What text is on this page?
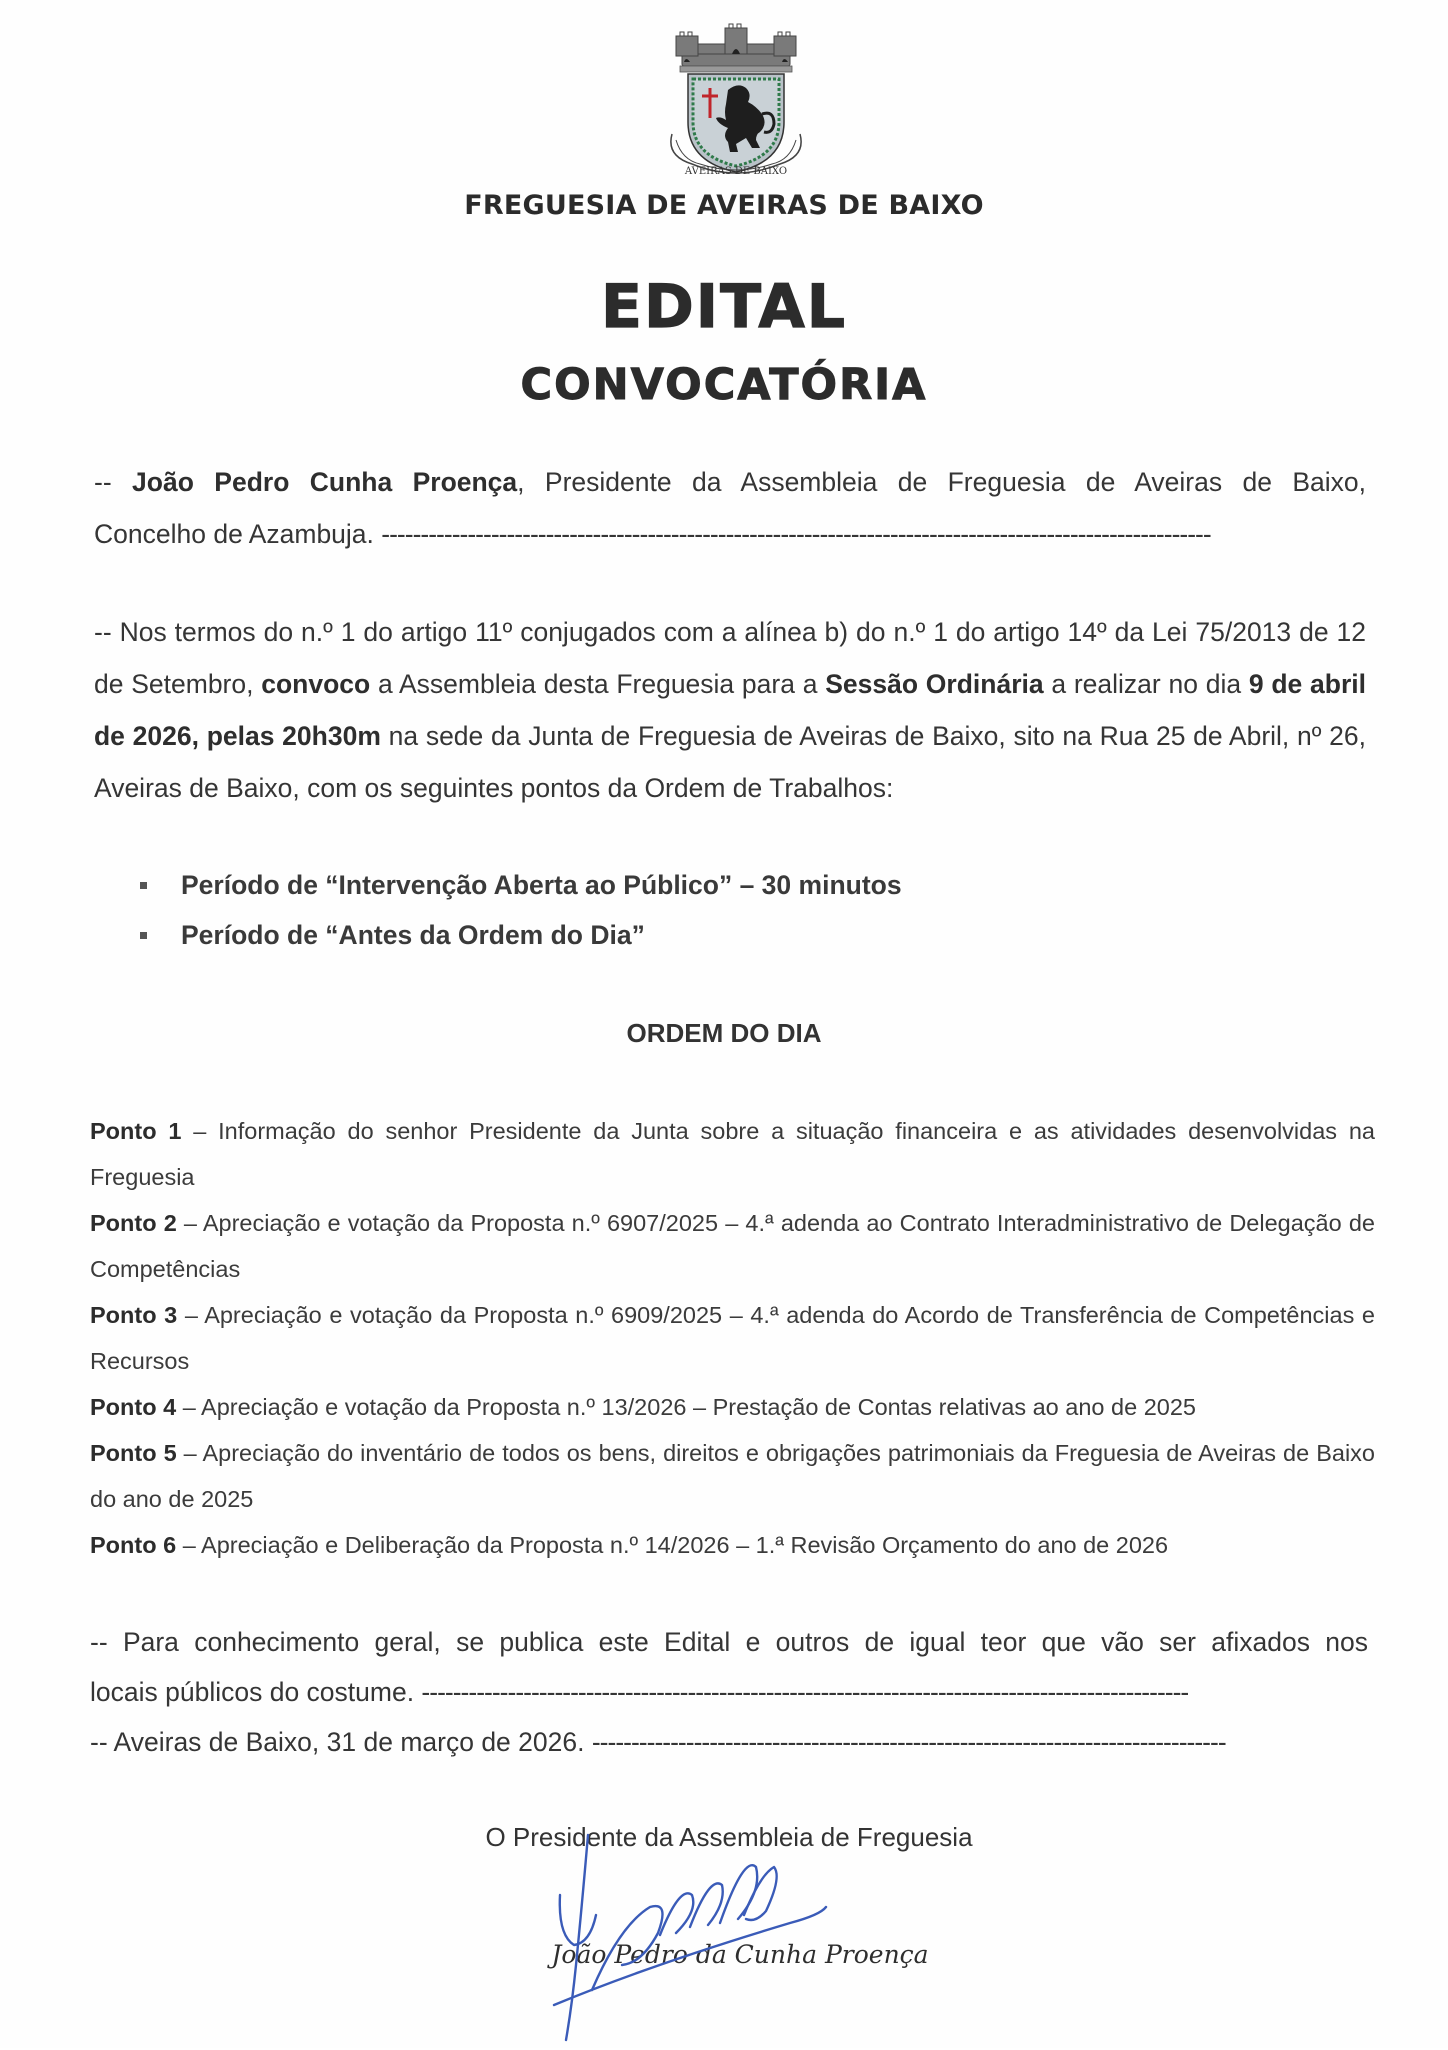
AVEIRAS DE BAIXO
FREGUESIA DE AVEIRAS DE BAIXO
EDITAL
CONVOCATÓRIA
-- João Pedro Cunha Proença, Presidente da Assembleia de Freguesia de Aveiras de Baixo,
Concelho de Azambuja. ----------------------------------------------------------------------------------------------------------
-- Nos termos do n.º 1 do artigo 11º conjugados com a alínea b) do n.º 1 do artigo 14º da Lei 75/2013 de 12 de Setembro, convoco a Assembleia desta Freguesia para a Sessão Ordinária a realizar no dia 9 de abril de 2026, pelas 20h30m na sede da Junta de Freguesia de Aveiras de Baixo, sito na Rua 25 de Abril, nº 26, Aveiras de Baixo, com os seguintes pontos da Ordem de Trabalhos:
Período de “Intervenção Aberta ao Público” – 30 minutos
Período de “Antes da Ordem do Dia”
ORDEM DO DIA
Ponto 1 – Informação do senhor Presidente da Junta sobre a situação financeira e as atividades desenvolvidas na Freguesia
Ponto 2 – Apreciação e votação da Proposta n.º 6907/2025 – 4.ª adenda ao Contrato Interadministrativo de Delegação de Competências
Ponto 3 – Apreciação e votação da Proposta n.º 6909/2025 – 4.ª adenda do Acordo de Transferência de Competências e Recursos
Ponto 4 – Apreciação e votação da Proposta n.º 13/2026 – Prestação de Contas relativas ao ano de 2025
Ponto 5 – Apreciação do inventário de todos os bens, direitos e obrigações patrimoniais da Freguesia de Aveiras de Baixo do ano de 2025
Ponto 6 – Apreciação e Deliberação da Proposta n.º 14/2026 – 1.ª Revisão Orçamento do ano de 2026
-- Para conhecimento geral, se publica este Edital e outros de igual teor que vão ser afixados nos
locais públicos do costume. --------------------------------------------------------------------------------------------------
-- Aveiras de Baixo, 31 de março de 2026. ---------------------------------------------------------------------------------
O Presidente da Assembleia de Freguesia
João Pedro da Cunha Proença
